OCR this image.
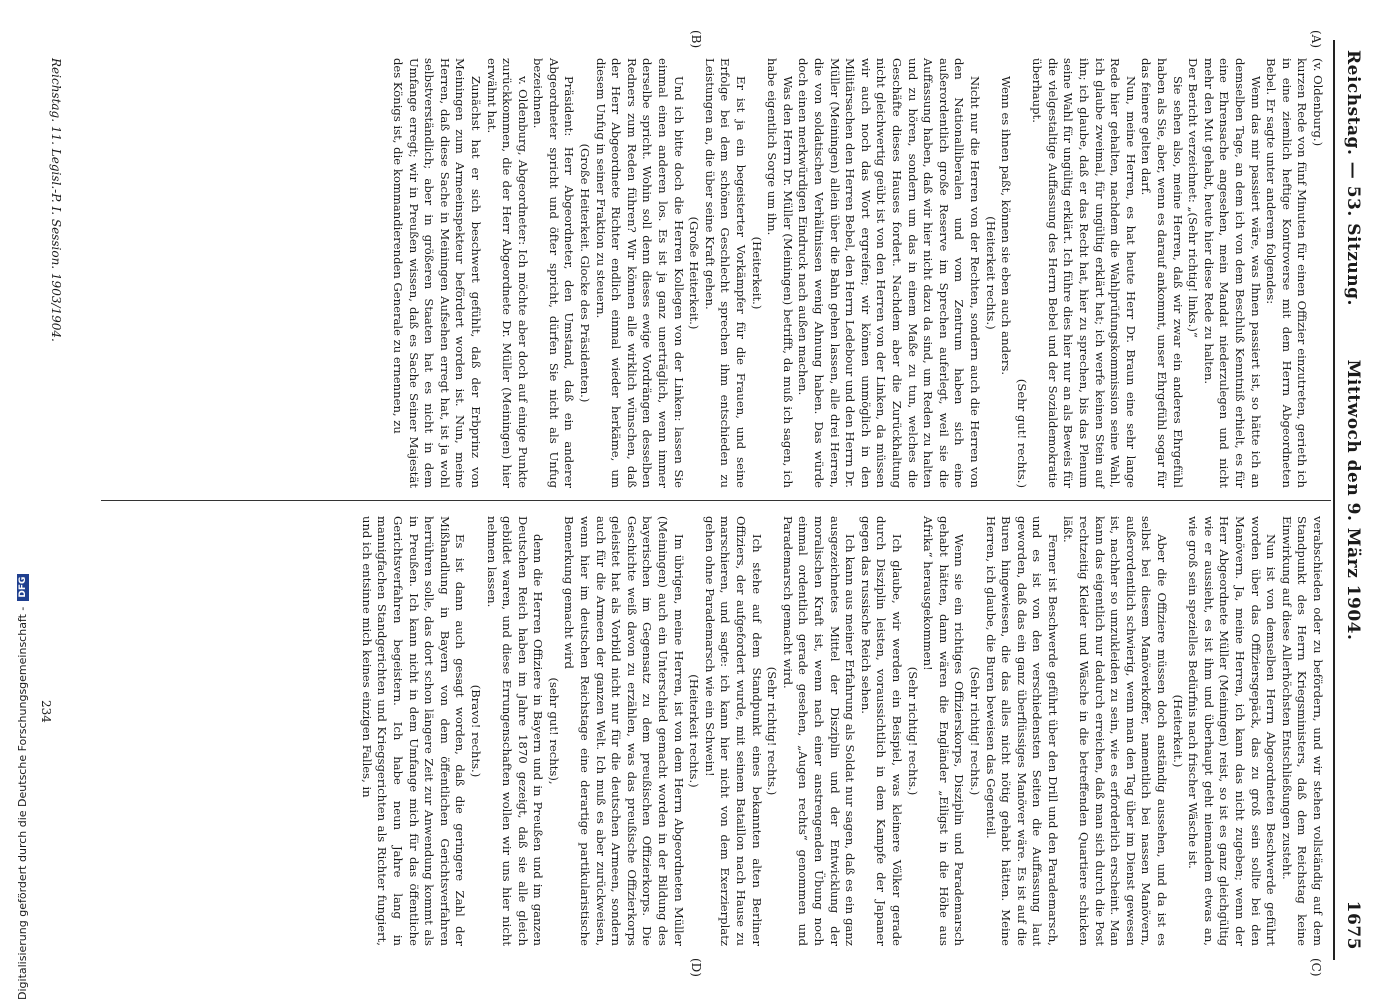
Reichstag. — 53. Sitzung.
Mittwoch den 9. März 1904.
1675
(A)
(B)
(C)
(D)

(v. Oldenburg.)

kurzen Rede von fünf Minuten für einen Offizier einzutreten, gerieth ich in eine ziemlich heftige Kontroverse mit dem Herrn Abgeordneten Bebel. Er sagte unter anderem folgendes:

Wenn das mir passiert wäre, was Ihnen passiert ist, so hätte ich an demselben Tage, an dem ich von dem Beschluß Kenntniß erhielt, es für eine Ehrensache angesehen, mein Mandat niederzulegen und nicht mehr den Mut gehabt, heute hier diese Rede zu halten.

Der Bericht verzeichnet: „(Sehr richtig! links.)“

Sie sehen also, meine Herren, daß wir zwar ein anderes Ehrgefühl haben als Sie, aber, wenn es darauf ankommt, unser Ehrgefühl sogar für das feinere gelten darf.

Nun, meine Herren, es hat heute Herr Dr. Braun eine sehr lange Rede hier gehalten, nachdem die Wahlprüfungskommission seine Wahl, ich glaube zweimal, für ungültig erklärt hat; ich werfe keinen Stein auf ihn; ich glaube, daß er das Recht hat, hier zu sprechen, bis das Plenum seine Wahl für ungültig erklärt. Ich führe dies hier nur an als Beweis für die vielgestaltige Auffassung des Herrn Bebel und der Sozialdemokratie überhaupt.

(Sehr gut! rechts.)

Wenn es ihnen paßt, können sie eben auch anders.

(Heiterkeit rechts.)

Nicht nur die Herren von der Rechten, sondern auch die Herren von den Nationalliberalen und vom Zentrum haben sich eine außerordentlich große Reserve im Sprechen auferlegt, weil sie die Auffassung haben, daß wir hier nicht dazu da sind, um Reden zu halten und zu hören, sondern um das in einem Maße zu tun, welches die Geschäfte dieses Hauses fordert. Nachdem aber die Zurückhaltung nicht gleichwertig geübt ist von den Herren von der Linken, da müssen wir auch noch das Wort ergreifen; wir können unmöglich in den Militärsachen den Herren Bebel, den Herrn Ledebour und den Herrn Dr. Müller (Meiningen) allein über die Bahn gehen lassen, alle drei Herren, die von soldatischen Verhältnissen wenig Ahnung haben. Das würde doch einen merkwürdigen Eindruck nach außen machen.

Was den Herrn Dr. Müller (Meiningen) betrifft, da muß ich sagen, ich habe eigentlich Sorge um ihn.

(Heiterkeit.)

Er ist ja ein begeisterter Vorkämpfer für die Frauen, und seine Erfolge bei dem schönen Geschlecht sprechen ihm entschieden zu Leistungen an, die über seine Kraft gehen.

(Große Heiterkeit.)

Und ich bitte doch die Herren Kollegen von der Linken: lassen Sie einmal einen anderen los. Es ist ja ganz unerträglich, wenn immer derselbe spricht. Wohin soll denn dieses ewige Vordrängen desselben Redners zum Reden führen? Wir können alle wirklich wünschen, daß der Herr Abgeordnete Richter endlich einmal wieder herkäme, um diesem Unfug in seiner Fraktion zu steuern.

(Große Heiterkeit. Glocke des Präsidenten.)

Präsident: Herr Abgeordneter, den Umstand, daß ein anderer Abgeordneter spricht und öfter spricht, dürfen Sie nicht als Unfug bezeichnen.

v. Oldenburg, Abgeordneter: Ich möchte aber doch auf einige Punkte zurückkommen, die der Herr Abgeordnete Dr. Müller (Meiningen) hier erwähnt hat.

Zunächst hat er sich beschwert gefühlt, daß der Erbprinz von Meiningen zum Armeeinspekteur befördert worden ist. Nun, meine Herren, daß diese Sache in Meiningen Aufsehen erregt hat, ist ja wohl selbstverständlich; aber in größeren Staaten hat es nicht in dem Umfange erregt; wir in Preußen wissen, daß es Sache Seiner Majestät des Königs ist, die kommandierenden Generale zu ernennen, zu

verabschieden oder zu befördern, und wir stehen vollständig auf dem Standpunkt des Herrn Kriegsministers, daß dem Reichstag keine Einwirkung auf diese Allerhöchsten Entschließungen zusteht.

Nun ist von demselben Herrn Abgeordneten Beschwerde geführt worden über das Offiziersgepäck, das zu groß sein sollte bei den Manövern. Ja, meine Herren, ich kann das nicht zugeben; wenn der Herr Abgeordnete Müller (Meiningen) reist, so ist es ganz gleichgültig wie er aussieht, es ist ihm und überhaupt geht niemandem etwas an, wie groß sein spezielles Bedürfnis nach frischer Wäsche ist.

(Heiterkeit.)

Aber die Offiziere müssen doch anständig aussehen, und da ist es selbst bei diesem Manöverkoffer, namentlich bei nassen Manövern, außerordentlich schwierig, wenn man den Tag über im Dienst gewesen ist, nachher so umzukleiden zu sein, wie es erforderlich erscheint. Man kann das eigentlich nur dadurch erreichen, daß man sich durch die Post rechtzeitig Kleider und Wäsche in die betreffenden Quartiere schicken läßt.

Ferner ist Beschwerde geführt über den Drill und den Parademarsch, und es ist von den verschiedensten Seiten die Auffassung laut geworden, daß das ein ganz überflüssiges Manöver wäre. Es ist auf die Buren hingewiesen, die das alles nicht nötig gehabt hätten. Meine Herren, ich glaube, die Buren beweisen das Gegenteil.

(Sehr richtig! rechts.)

Wenn sie ein richtiges Offizierskorps, Disziplin und Parademarsch gehabt hätten, dann wären die Engländer „Eiligst in die Höhe aus Afrika“ herausgekommen!

(Sehr richtig! rechts.)

Ich glaube, wir werden ein Beispiel, was kleinere Völker gerade durch Disziplin leisten, voraussichtlich in dem Kampfe der Japaner gegen das russische Reich sehen.

Ich kann aus meiner Erfahrung als Soldat nur sagen, daß es ein ganz ausgezeichnetes Mittel der Disziplin und der Entwicklung der moralischen Kraft ist, wenn nach einer anstrengenden Übung noch einmal ordentlich gerade gesehen, „Augen rechts“ genommen und Parademarsch gemacht wird.

(Sehr richtig! rechts.)

Ich stehe auf dem Standpunkt eines bekannten alten Berliner Offiziers, der aufgefordert wurde, mit seinem Bataillon nach Hause zu marschieren, und sagte: ich kann hier nicht von dem Exerzierplatz gehen ohne Parademarsch wie ein Schwein!

(Heiterkeit rechts.)

Im übrigen, meine Herren, ist von dem Herrn Abgeordneten Müller (Meiningen) auch ein Unterschied gemacht worden in der Bildung des bayerischen im Gegensatz zu dem preußischen Offizierkorps. Die Geschichte weiß davon zu erzählen, was das preußische Offizierkorps geleistet hat als Vorbild nicht nur für die deutschen Armeen, sondern auch für die Armeen der ganzen Welt. Ich muß es aber zurückweisen, wenn hier im deutschen Reichstage eine derartige partikularistische Bemerkung gemacht wird

(sehr gut! rechts),

denn die Herren Offiziere in Bayern und in Preußen und im ganzen Deutschen Reich haben im Jahre 1870 gezeigt, daß sie alle gleich gebildet waren, und diese Errungenschaften wollen wir uns hier nicht nehmen lassen.

(Bravo! rechts.)

Es ist dann auch gesagt worden, daß die geringere Zahl der Mißhandlung in Bayern von dem öffentlichen Gerichtsverfahren herrühren solle, das dort schon längere Zeit zur Anwendung kommt als in Preußen. Ich kann nicht in dem Umfange mich für das öffentliche Gerichtsverfahren begeistern. Ich habe neun Jahre lang in mannigfachen Standgerichten und Kriegsgerichten als Richter fungiert, und ich entsinne mich keines einzigen Falles, in

Reichstag. 11. Legisl.-P. I. Session. 1903/1904.
234
Digitalisierung gefördert durch die Deutsche Forschungsgemeinschaft -DFG
